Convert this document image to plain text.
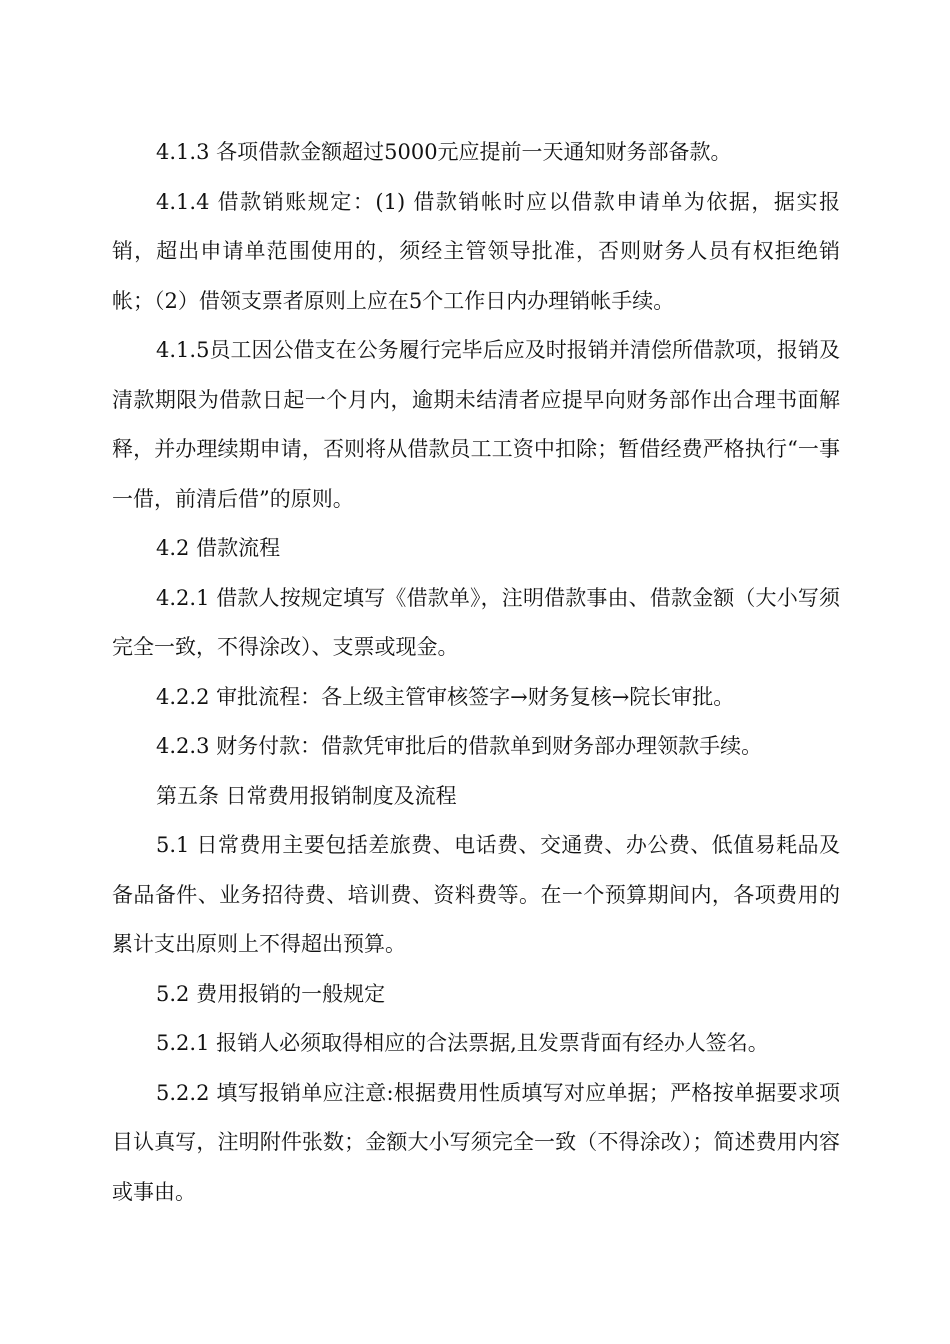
4.1.3 各项借款金额超过5000元应提前一天通知财务部备款。

4.1.4 借款销账规定：(1) 借款销帐时应以借款申请单为依据，据实报销，超出申请单范围使用的，须经主管领导批准，否则财务人员有权拒绝销帐；（2）借领支票者原则上应在5个工作日内办理销帐手续。

4.1.5员工因公借支在公务履行完毕后应及时报销并清偿所借款项，报销及清款期限为借款日起一个月内，逾期未结清者应提早向财务部作出合理书面解释，并办理续期申请，否则将从借款员工工资中扣除；暂借经费严格执行“一事一借，前清后借”的原则。

4.2 借款流程

4.2.1 借款人按规定填写《借款单》，注明借款事由、借款金额（大小写须完全一致，不得涂改）、支票或现金。

4.2.2 审批流程：各上级主管审核签字→财务复核→院长审批。

4.2.3 财务付款：借款凭审批后的借款单到财务部办理领款手续。

第五条 日常费用报销制度及流程

5.1 日常费用主要包括差旅费、电话费、交通费、办公费、低值易耗品及备品备件、业务招待费、培训费、资料费等。在一个预算期间内，各项费用的累计支出原则上不得超出预算。

5.2 费用报销的一般规定

5.2.1 报销人必须取得相应的合法票据,且发票背面有经办人签名。

5.2.2 填写报销单应注意:根据费用性质填写对应单据；严格按单据要求项目认真写，注明附件张数；金额大小写须完全一致（不得涂改）；简述费用内容或事由。
